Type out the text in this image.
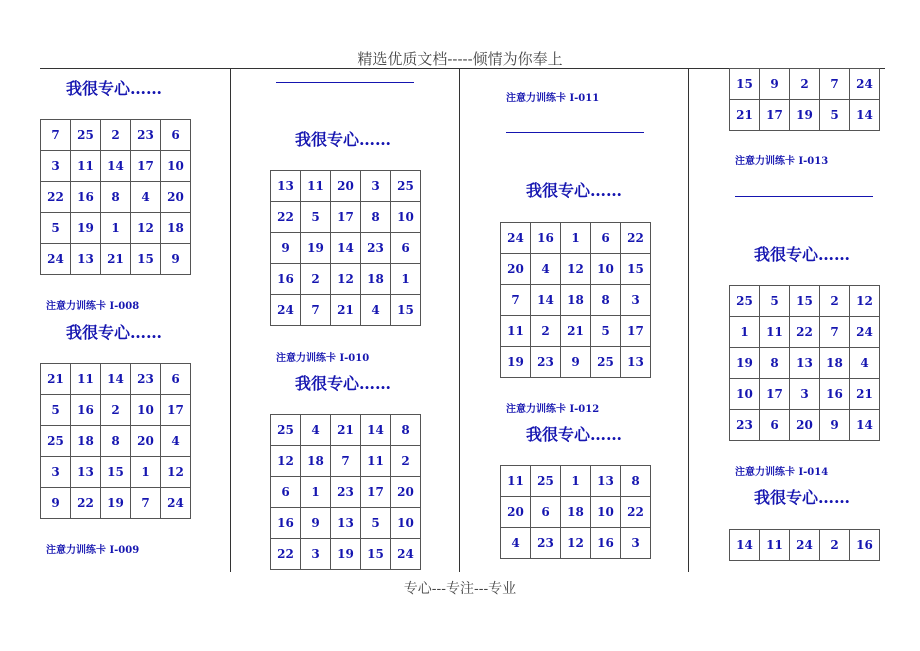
精选优质文档-----倾情为你奉上
我很专心……
7	25	2	23	6
3	11	14	17	10
22	16	8	4	20
5	19	1	12	18
24	13	21	15	9
注意力训练卡 I-008
我很专心……
21	11	14	23	6
5	16	2	10	17
25	18	8	20	4
3	13	15	1	12
9	22	19	7	24
注意力训练卡 I-009
我很专心……
13	11	20	3	25
22	5	17	8	10
9	19	14	23	6
16	2	12	18	1
24	7	21	4	15
注意力训练卡 I-010
我很专心……
25	4	21	14	8
12	18	7	11	2
6	1	23	17	20
16	9	13	5	10
22	3	19	15	24
注意力训练卡 I-011
我很专心……
24	16	1	6	22
20	4	12	10	15
7	14	18	8	3
11	2	21	5	17
19	23	9	25	13
注意力训练卡 I-012
我很专心……
11	25	1	13	8
20	6	18	10	22
4	23	12	16	3
15	9	2	7	24
21	17	19	5	14
注意力训练卡 I-013
我很专心……
25	5	15	2	12
1	11	22	7	24
19	8	13	18	4
10	17	3	16	21
23	6	20	9	14
注意力训练卡 I-014
我很专心……
14	11	24	2	16
专心---专注---专业
